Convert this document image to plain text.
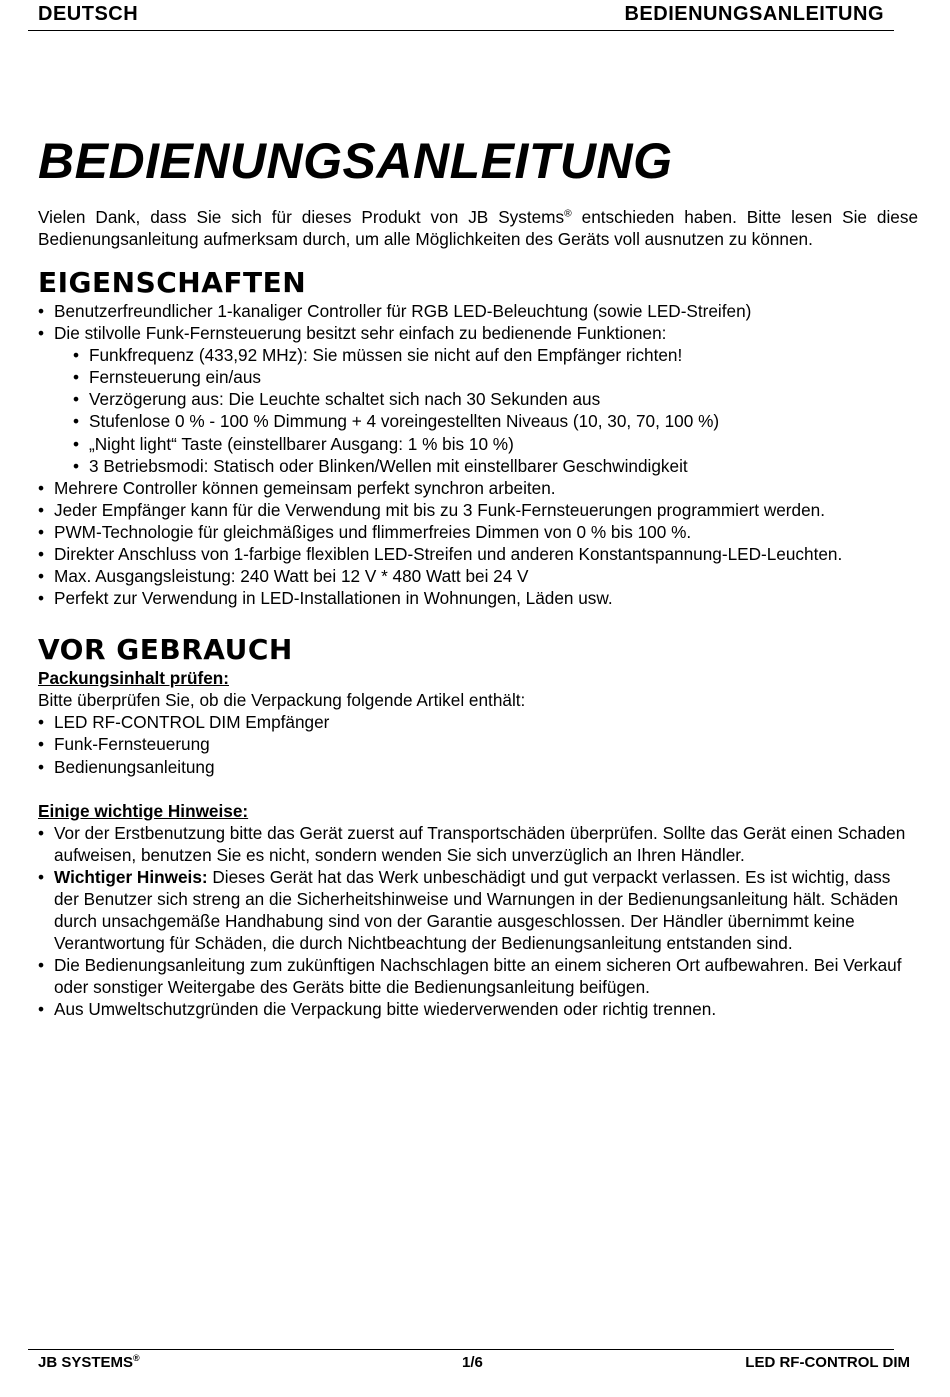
DEUTSCH	BEDIENUNGSANLEITUNG
BEDIENUNGSANLEITUNG

Vielen Dank, dass Sie sich für dieses Produkt von JB Systems® entschieden haben. Bitte lesen Sie diese Bedienungsanleitung aufmerksam durch, um alle Möglichkeiten des Geräts voll ausnutzen zu können.

EIGENSCHAFTEN
• Benutzerfreundlicher 1-kanaliger Controller für RGB LED-Beleuchtung (sowie LED-Streifen)
• Die stilvolle Funk-Fernsteuerung besitzt sehr einfach zu bedienende Funktionen:
• Funkfrequenz (433,92 MHz): Sie müssen sie nicht auf den Empfänger richten!
• Fernsteuerung ein/aus
• Verzögerung aus: Die Leuchte schaltet sich nach 30 Sekunden aus
• Stufenlose 0 % - 100 % Dimmung + 4 voreingestellten Niveaus (10, 30, 70, 100 %)
• „Night light“ Taste (einstellbarer Ausgang: 1 % bis 10 %)
• 3 Betriebsmodi: Statisch oder Blinken/Wellen mit einstellbarer Geschwindigkeit
• Mehrere Controller können gemeinsam perfekt synchron arbeiten.
• Jeder Empfänger kann für die Verwendung mit bis zu 3 Funk-Fernsteuerungen programmiert werden.
• PWM-Technologie für gleichmäßiges und flimmerfreies Dimmen von 0 % bis 100 %.
• Direkter Anschluss von 1-farbige flexiblen LED-Streifen und anderen Konstantspannung-LED-Leuchten.
• Max. Ausgangsleistung: 240 Watt bei 12 V * 480 Watt bei 24 V
• Perfekt zur Verwendung in LED-Installationen in Wohnungen, Läden usw.
VOR GEBRAUCH

Packungsinhalt prüfen:

Bitte überprüfen Sie, ob die Verpackung folgende Artikel enthält:

• LED RF-CONTROL DIM Empfänger
• Funk-Fernsteuerung
• Bedienungsanleitung

Einige wichtige Hinweise:

• Vor der Erstbenutzung bitte das Gerät zuerst auf Transportschäden überprüfen. Sollte das Gerät einen Schaden aufweisen, benutzen Sie es nicht, sondern wenden Sie sich unverzüglich an Ihren Händler.
• Wichtiger Hinweis: Dieses Gerät hat das Werk unbeschädigt und gut verpackt verlassen. Es ist wichtig, dass der Benutzer sich streng an die Sicherheitshinweise und Warnungen in der Bedienungsanleitung hält. Schäden durch unsachgemäße Handhabung sind von der Garantie ausgeschlossen. Der Händler übernimmt keine Verantwortung für Schäden, die durch Nichtbeachtung der Bedienungsanleitung entstanden sind.
• Die Bedienungsanleitung zum zukünftigen Nachschlagen bitte an einem sicheren Ort aufbewahren. Bei Verkauf oder sonstiger Weitergabe des Geräts bitte die Bedienungsanleitung beifügen.
• Aus Umweltschutzgründen die Verpackung bitte wiederverwenden oder richtig trennen.
JB SYSTEMS®	1/6	LED RF-CONTROL DIM
